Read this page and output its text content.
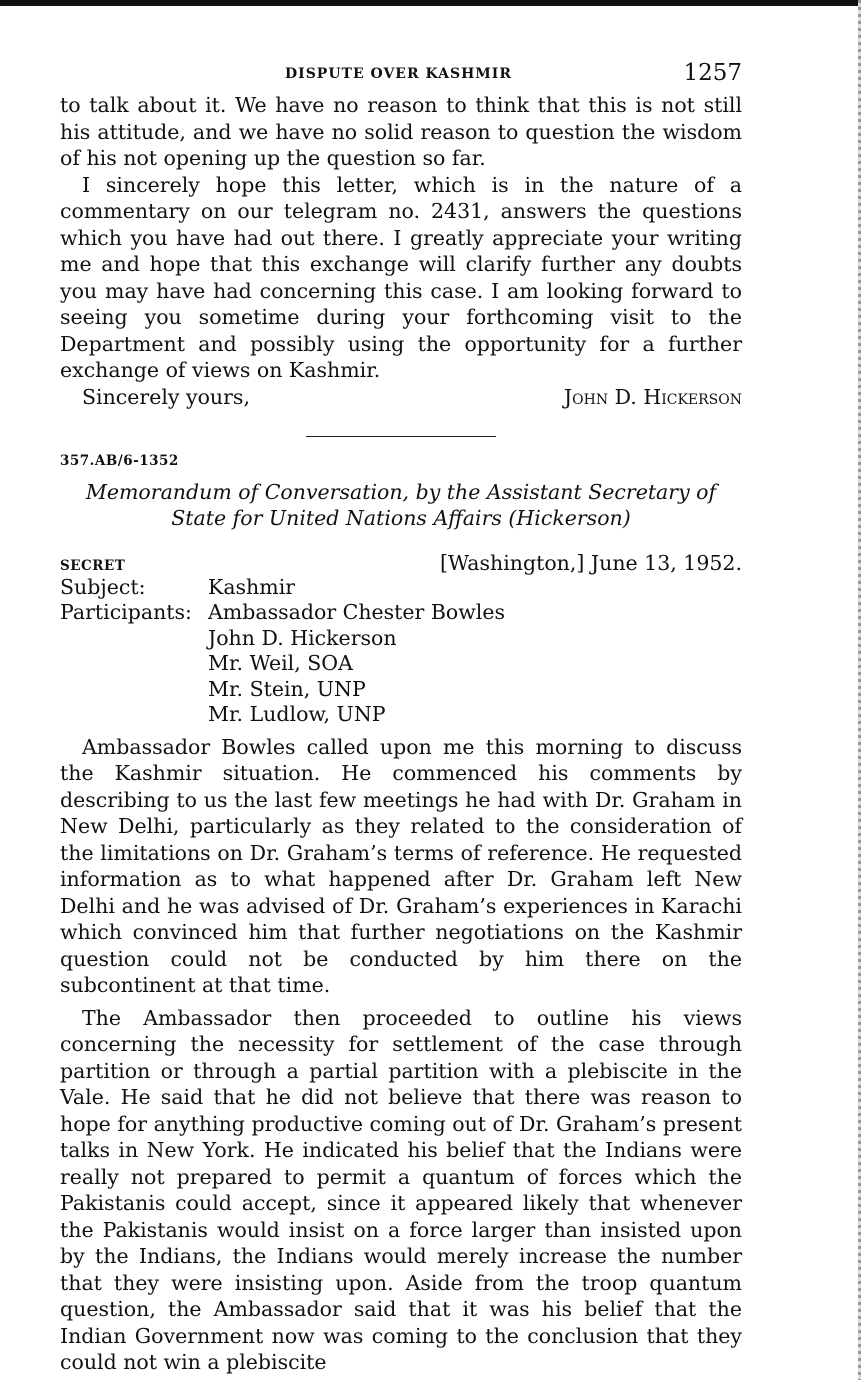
DISPUTE OVER KASHMIR	1257

to talk about it. We have no reason to think that this is not still his attitude, and we have no solid reason to question the wisdom of his not opening up the question so far.

I sincerely hope this letter, which is in the nature of a commentary on our telegram no. 2431, answers the questions which you have had out there. I greatly appreciate your writing me and hope that this exchange will clarify further any doubts you may have had concerning this case. I am looking forward to seeing you sometime during your forthcoming visit to the Department and possibly using the opportunity for a further exchange of views on Kashmir.

Sincerely yours,	John D. Hickerson
357.AB/6-1352
Memorandum of Conversation, by the Assistant Secretary of State for United Nations Affairs (Hickerson)
SECRET	[Washington,] June 13, 1952.
Subject:	Kashmir
Participants: Ambassador Chester Bowles
John D. Hickerson
Mr. Weil, SOA
Mr. Stein, UNP
Mr. Ludlow, UNP

Ambassador Bowles called upon me this morning to discuss the Kashmir situation. He commenced his comments by describing to us the last few meetings he had with Dr. Graham in New Delhi, particularly as they related to the consideration of the limitations on Dr. Graham’s terms of reference. He requested information as to what happened after Dr. Graham left New Delhi and he was advised of Dr. Graham’s experiences in Karachi which convinced him that further negotiations on the Kashmir question could not be conducted by him there on the subcontinent at that time.

The Ambassador then proceeded to outline his views concerning the necessity for settlement of the case through partition or through a partial partition with a plebiscite in the Vale. He said that he did not believe that there was reason to hope for anything productive coming out of Dr. Graham’s present talks in New York. He indicated his belief that the Indians were really not prepared to permit a quantum of forces which the Pakistanis could accept, since it appeared likely that whenever the Pakistanis would insist on a force larger than insisted upon by the Indians, the Indians would merely increase the number that they were insisting upon. Aside from the troop quantum question, the Ambassador said that it was his belief that the Indian Government now was coming to the conclusion that they could not win a plebiscite
